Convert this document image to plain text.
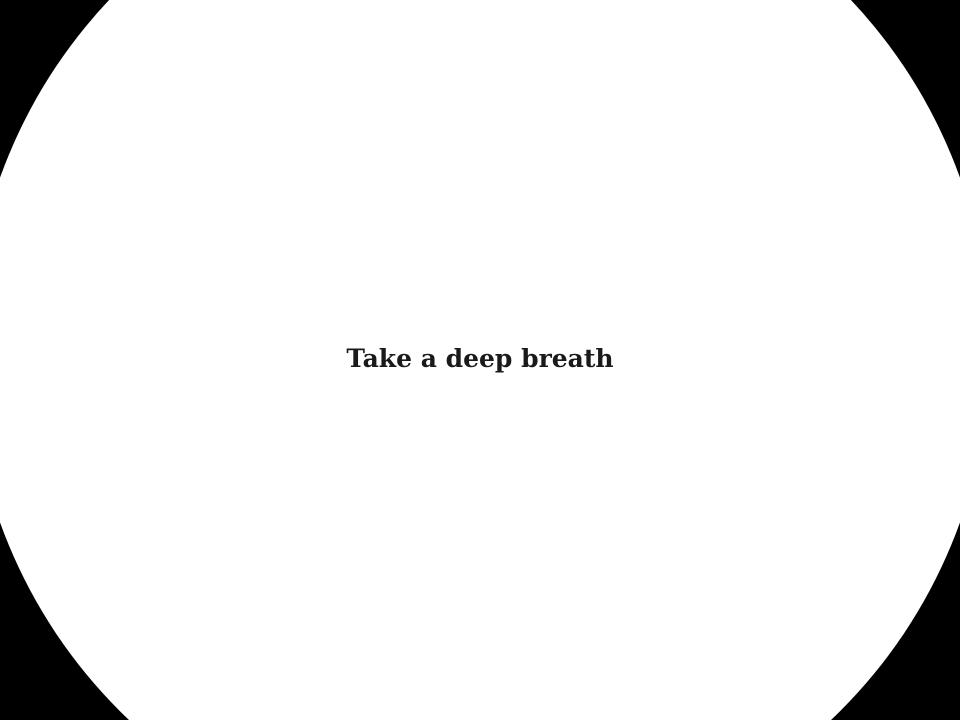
Take a deep breath
